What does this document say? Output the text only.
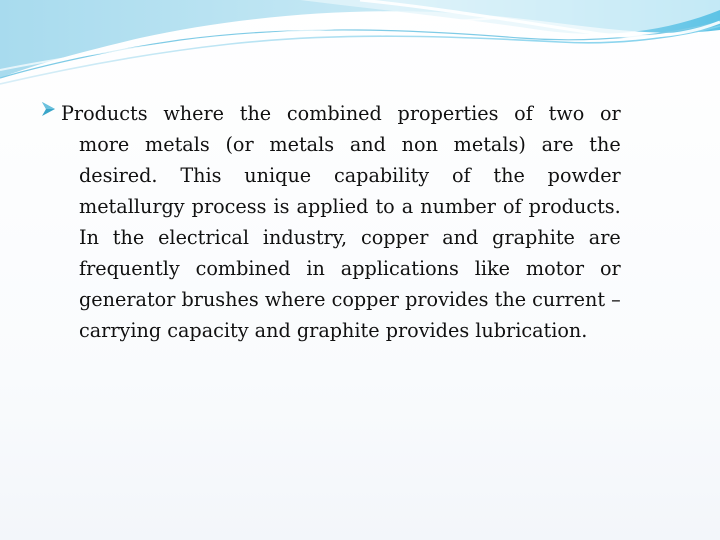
Products where the combined properties of two or
more metals (or metals and non metals) are the
desired. This unique capability of the powder
metallurgy process is applied to a number of products.
In the electrical industry, copper and graphite are
frequently combined in applications like motor or
generator brushes where copper provides the current –
carrying capacity and graphite provides lubrication.
